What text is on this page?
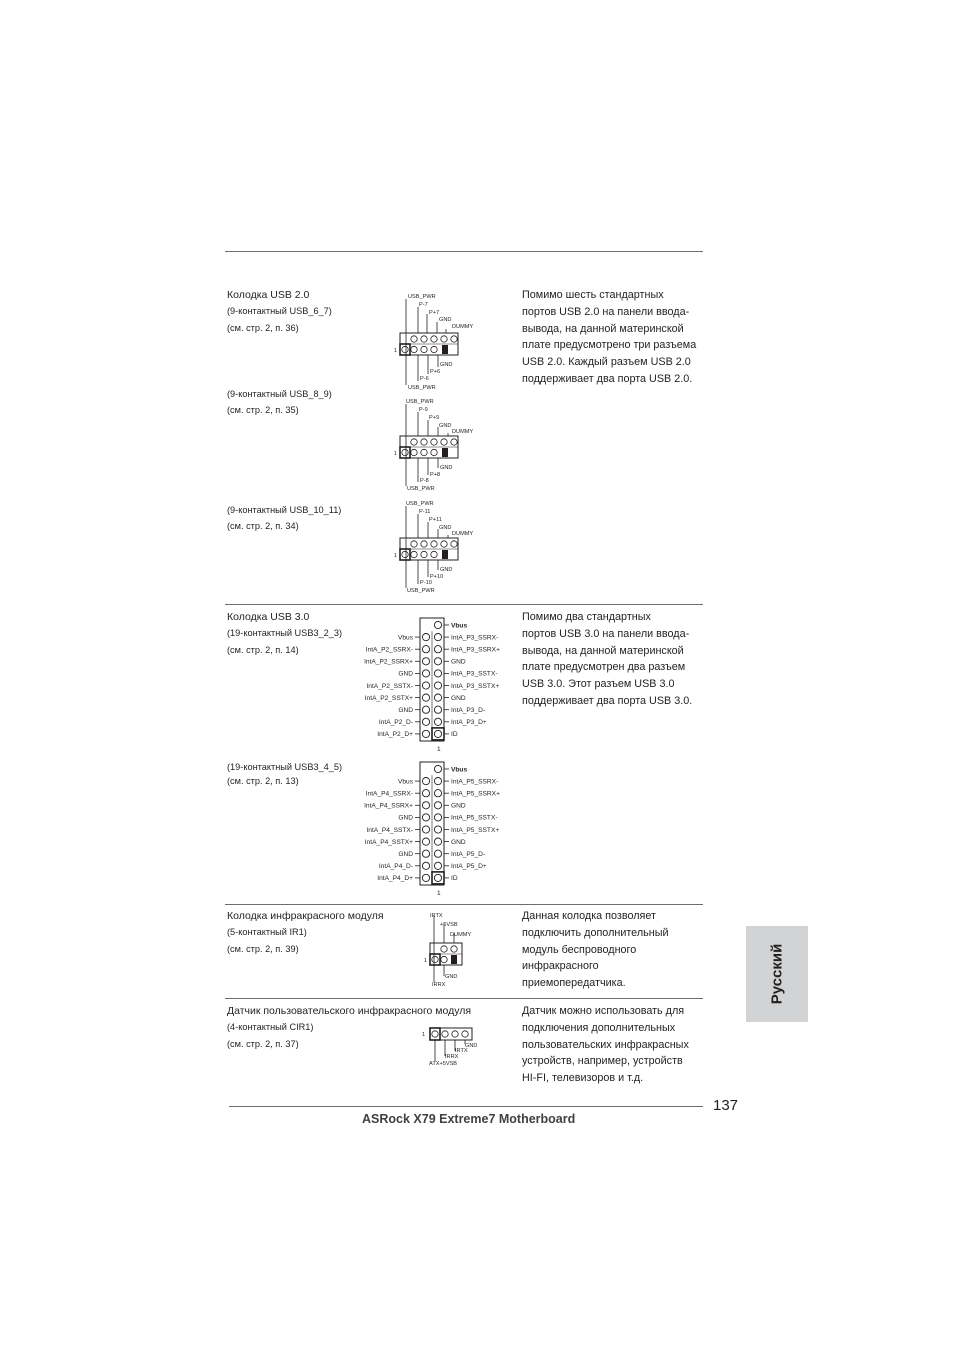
Колодка USB 2.0
(9-контактный USB_6_7)
(см. стр. 2, п. 36)
(9-контактный USB_8_9)
(см. стр. 2, п. 35)
(9-контактный USB_10_11)
(см. стр. 2, п. 34)
Помимо шесть стандартных
портов USB 2.0 на панели ввода-
вывода, на данной материнской
плате предусмотрено три разъема
USB 2.0. Каждый разъем USB 2.0
поддерживает два порта USB 2.0.
USB_PWR
P-7
P+7
GND
DUMMY
GND
P+6
P-6
USB_PWR
1
USB_PWR
P-9
P+9
GND
DUMMY
GND
P+8
P-8
USB_PWR
1
USB_PWR
P-11
P+11
GND
DUMMY
GND
P+10
P-10
USB_PWR
1
Колодка USB 3.0
(19-контактный USB3_2_3)
(см. стр. 2, п. 14)
(19-контактный USB3_4_5)
(см. стр. 2, п. 13)
Помимо два стандартных
портов USB 3.0 на панели ввода-
вывода, на данной материнской
плате предусмотрен два разъем
USB 3.0. Этот разъем USB 3.0
поддерживает два порта USB 3.0.
Vbus
IntA_P3_SSRX-
Vbus
IntA_P3_SSRX+
IntA_P2_SSRX-
GND
IntA_P2_SSRX+
IntA_P3_SSTX-
GND
IntA_P3_SSTX+
IntA_P2_SSTX-
GND
IntA_P2_SSTX+
IntA_P3_D-
GND
IntA_P3_D+
IntA_P2_D-
ID
IntA_P2_D+
1
Vbus
IntA_P5_SSRX-
Vbus
IntA_P5_SSRX+
IntA_P4_SSRX-
GND
IntA_P4_SSRX+
IntA_P5_SSTX-
GND
IntA_P5_SSTX+
IntA_P4_SSTX-
GND
IntA_P4_SSTX+
IntA_P5_D-
GND
IntA_P5_D+
IntA_P4_D-
ID
IntA_P4_D+
1
Колодка инфракрасного модуля
(5-контактный IR1)
(см. стр. 2, п. 39)
Данная колодка позволяет
подключить дополнительный
модуль беспроводного
инфракрасного
приемопередатчика.
IRTX
+5VSB
DUMMY
GND
IRRX
1
Датчик пользовательского инфракрасного модуля
(4-контактный CIR1)
(см. стр. 2, п. 37)
Датчик можно использовать для
подключения дополнительных
пользовательских инфракрасных
устройств, например, устройств
HI-FI, телевизоров и т.д.
1
GND
IRTX
IRRX
ATX+5VSB
137
ASRock X79 Extreme7 Motherboard
Русский
